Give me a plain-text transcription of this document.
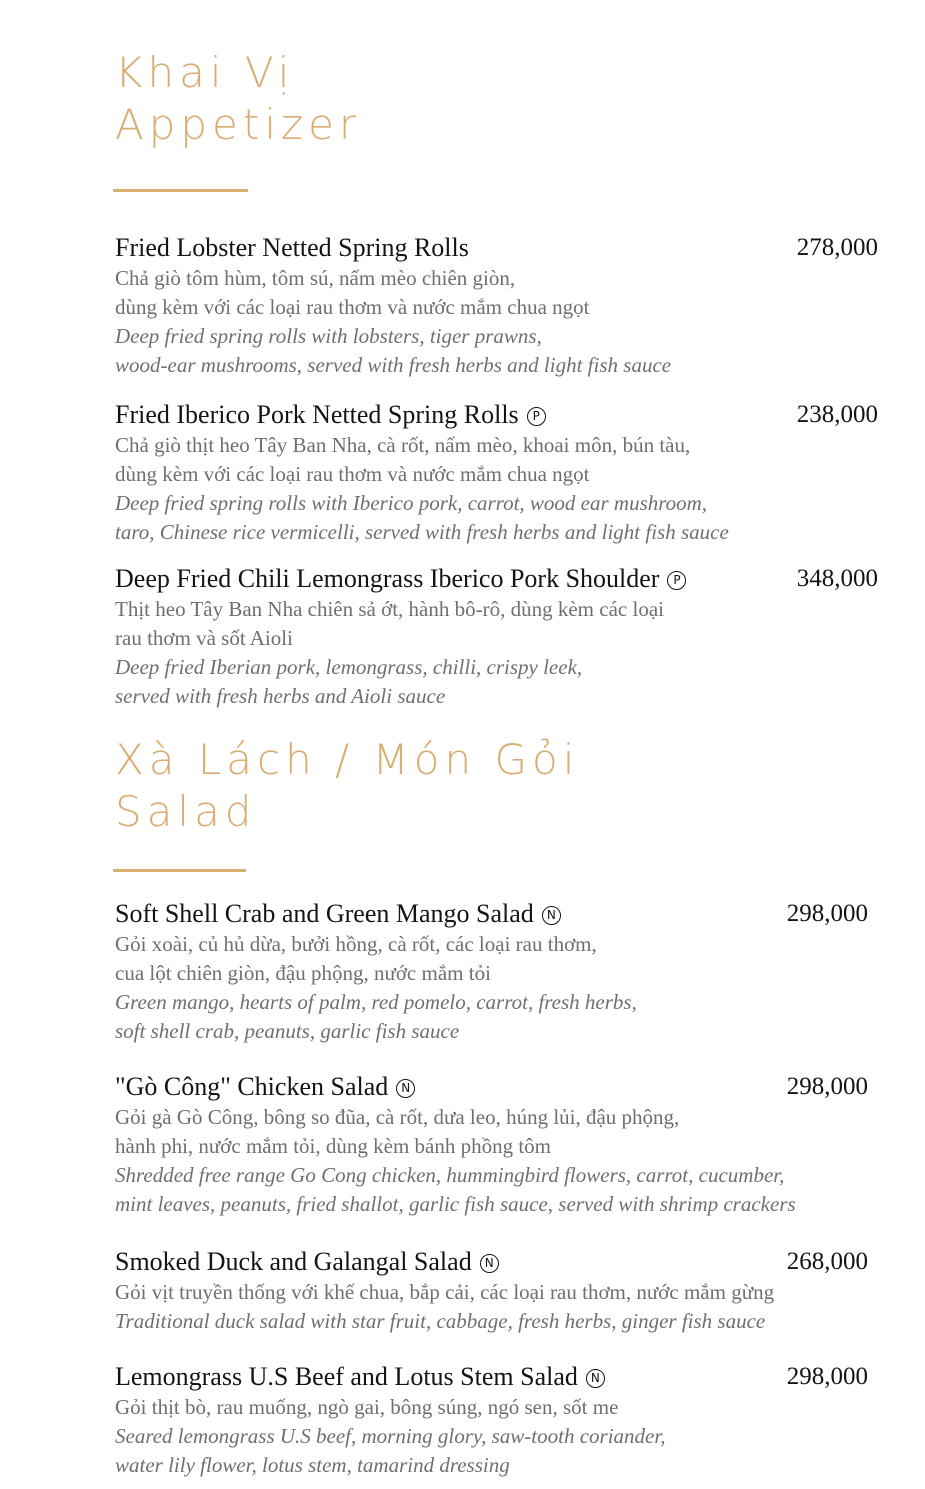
Khai Vị
Appetizer
Fried Lobster Netted Spring Rolls	278,000
Chả giò tôm hùm, tôm sú, nấm mèo chiên giòn,
dùng kèm với các loại rau thơm và nước mắm chua ngọt
Deep fried spring rolls with lobsters, tiger prawns,
wood-ear mushrooms, served with fresh herbs and light fish sauce
Fried Iberico Pork Netted Spring Rolls P	238,000
Chả giò thịt heo Tây Ban Nha, cà rốt, nấm mèo, khoai môn, bún tàu,
dùng kèm với các loại rau thơm và nước mắm chua ngọt
Deep fried spring rolls with Iberico pork, carrot, wood ear mushroom,
taro, Chinese rice vermicelli, served with fresh herbs and light fish sauce
Deep Fried Chili Lemongrass Iberico Pork Shoulder P	348,000
Thịt heo Tây Ban Nha chiên sả ớt, hành bô-rô, dùng kèm các loại
rau thơm và sốt Aioli
Deep fried Iberian pork, lemongrass, chilli, crispy leek,
served with fresh herbs and Aioli sauce
Xà Lách / Món Gỏi
Salad
Soft Shell Crab and Green Mango Salad N	298,000
Gỏi xoài, củ hủ dừa, bưởi hồng, cà rốt, các loại rau thơm,
cua lột chiên giòn, đậu phộng, nước mắm tỏi
Green mango, hearts of palm, red pomelo, carrot, fresh herbs,
soft shell crab, peanuts, garlic fish sauce
"Gò Công" Chicken Salad N	298,000
Gỏi gà Gò Công, bông so đũa, cà rốt, dưa leo, húng lủi, đậu phộng,
hành phi, nước mắm tỏi, dùng kèm bánh phồng tôm
Shredded free range Go Cong chicken, hummingbird flowers, carrot, cucumber,
mint leaves, peanuts, fried shallot, garlic fish sauce, served with shrimp crackers
Smoked Duck and Galangal Salad N	268,000
Gỏi vịt truyền thống với khế chua, bắp cải, các loại rau thơm, nước mắm gừng
Traditional duck salad with star fruit, cabbage, fresh herbs, ginger fish sauce
Lemongrass U.S Beef and Lotus Stem Salad N	298,000
Gỏi thịt bò, rau muống, ngò gai, bông súng, ngó sen, sốt me
Seared lemongrass U.S beef, morning glory, saw-tooth coriander,
water lily flower, lotus stem, tamarind dressing
